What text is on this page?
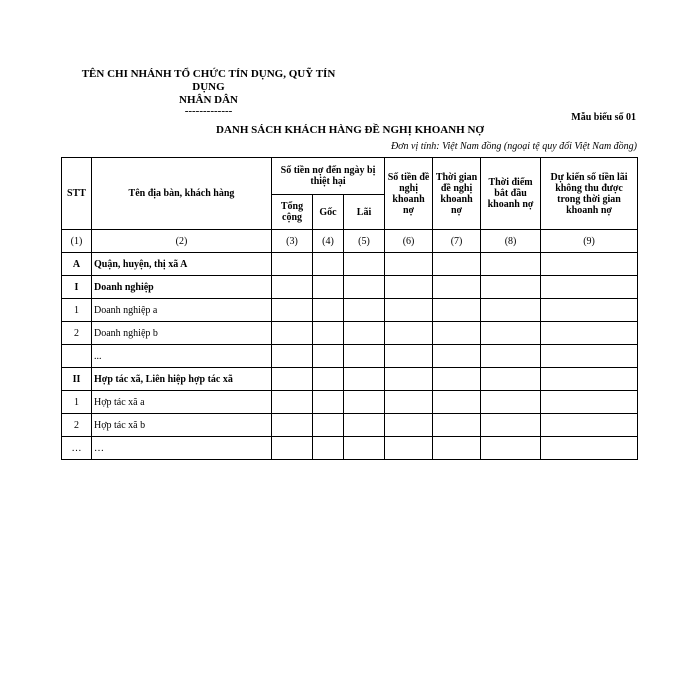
TÊN CHI NHÁNH TỔ CHỨC TÍN DỤNG, QUỸ TÍN DỤNG
NHÂN DÂN
-------------
Mẫu biểu số 01
DANH SÁCH KHÁCH HÀNG ĐỀ NGHỊ KHOANH NỢ
Đơn vị tính: Việt Nam đồng (ngoại tệ quy đổi Việt Nam đồng)
STT	Tên địa bàn, khách hàng	Số tiền nợ đến ngày bị thiệt hại			Số tiền đề nghị khoanh nợ	Thời gian đề nghị khoanh nợ	Thời điểm bắt đầu khoanh nợ	Dự kiến số tiền lãi không thu được trong thời gian khoanh nợ
		Tổng cộng	Gốc	Lãi				
(1)	(2)	(3)	(4)	(5)	(6)	(7)	(8)	(9)
A	Quận, huyện, thị xã A							
I	Doanh nghiệp							
1	Doanh nghiệp a							
2	Doanh nghiệp b							
	...							
II	Hợp tác xã, Liên hiệp hợp tác xã							
1	Hợp tác xã a							
2	Hợp tác xã b							
…	…							
